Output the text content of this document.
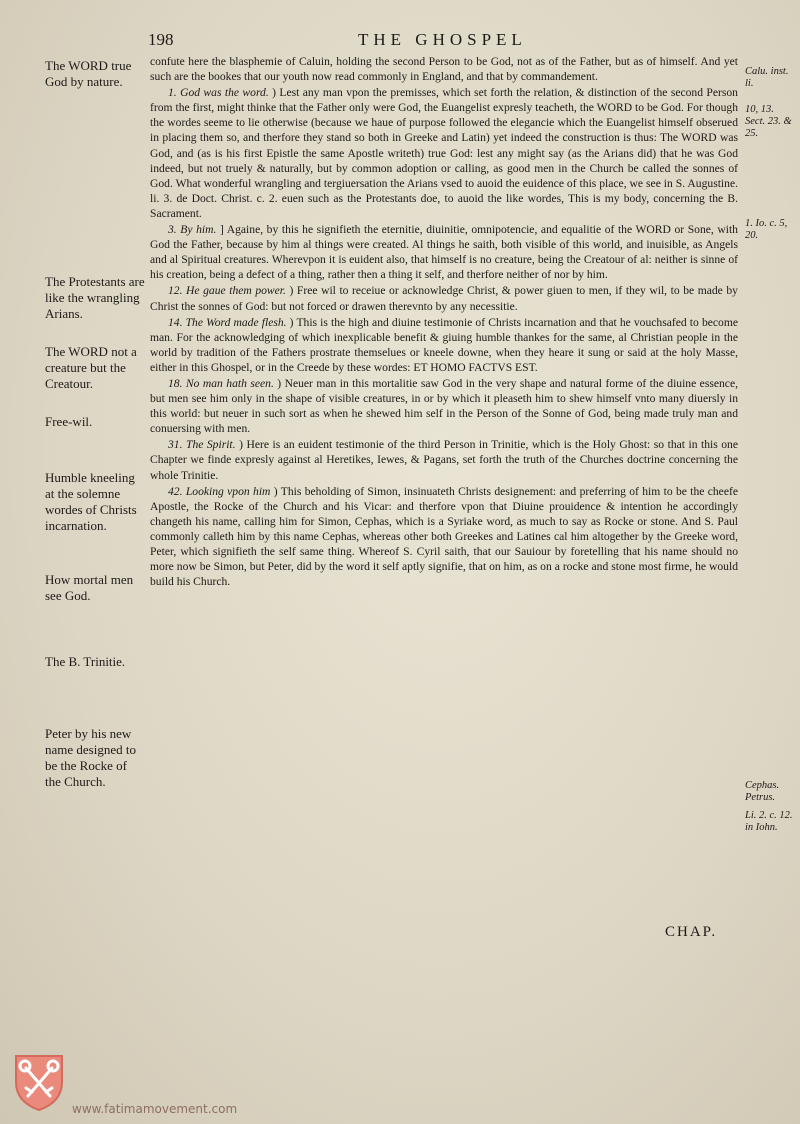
198	THE GHOSPEL
The WORD true God by nature.
The Protestants are like the wrangling Arians.
The WORD not a creature but the Creatour.
Free-wil.
Humble kneeling at the solemne wordes of Christs incarnation.
How mortal men see God.
The B. Trinitie.
Peter by his new name designed to be the Rocke of the Church.
Calu. inst. li.
10, 13. Sect. 23. & 25.
1. Io. c. 5, 20.
Cephas. Petrus.
Li. 2. c. 12. in Iohn.

confute here the blasphemie of Caluin, holding the second Person to be God, not as of the Father, but as of himself. And yet such are the bookes that our youth now read commonly in England, and that by commandement.

1. God was the word. ) Lest any man vpon the premisses, which set forth the relation, & distinction of the second Person from the first, might thinke that the Father only were God, the Euangelist expresly teacheth, the WORD to be God. For though the wordes seeme to lie otherwise (because we haue of purpose followed the elegancie which the Euangelist himself obserued in placing them so, and therfore they stand so both in Greeke and Latin) yet indeed the construction is thus: The WORD was God, and (as is his first Epistle the same Apostle writeth) true God: lest any might say (as the Arians did) that he was God indeed, but not truely & naturally, but by common adoption or calling, as good men in the Church be called the sonnes of God. What wonderful wrangling and tergiuersation the Arians vsed to auoid the euidence of this place, we see in S. Augustine. li. 3. de Doct. Christ. c. 2. euen such as the Protestants doe, to auoid the like wordes, This is my body, concerning the B. Sacrament.

3. By him. ] Againe, by this he signifieth the eternitie, diuinitie, omnipotencie, and equalitie of the WORD or Sone, with God the Father, because by him al things were created. Al things he saith, both visible of this world, and inuisible, as Angels and al Spiritual creatures. Wherevpon it is euident also, that himself is no creature, being the Creatour of al: neither is sinne of his creation, being a defect of a thing, rather then a thing it self, and therfore neither of nor by him.

12. He gaue them power. ) Free wil to receiue or acknowledge Christ, & power giuen to men, if they wil, to be made by Christ the sonnes of God: but not forced or drawen therevnto by any necessitie.

14. The Word made flesh. ) This is the high and diuine testimonie of Christs incarnation and that he vouchsafed to become man. For the acknowledging of which inexplicable benefit & giuing humble thankes for the same, al Christian people in the world by tradition of the Fathers prostrate themselues or kneele downe, when they heare it sung or said at the holy Masse, either in this Ghospel, or in the Creede by these wordes: ET HOMO FACTVS EST.

18. No man hath seen. ) Neuer man in this mortalitie saw God in the very shape and natural forme of the diuine essence, but men see him only in the shape of visible creatures, in or by which it pleaseth him to shew himself vnto many diuersly in this world: but neuer in such sort as when he shewed him self in the Person of the Sonne of God, being made truly man and conuersing with men.

31. The Spirit. ) Here is an euident testimonie of the third Person in Trinitie, which is the Holy Ghost: so that in this one Chapter we finde expresly against al Heretikes, Iewes, & Pagans, set forth the truth of the Churches doctrine concerning the whole Trinitie.

42. Looking vpon him ) This beholding of Simon, insinuateth Christs designement: and preferring of him to be the cheefe Apostle, the Rocke of the Church and his Vicar: and therfore vpon that Diuine prouidence & intention he accordingly changeth his name, calling him for Simon, Cephas, which is a Syriake word, as much to say as Rocke or stone. And S. Paul commonly calleth him by this name Cephas, whereas other both Greekes and Latines cal him altogether by the Greeke word, Peter, which signifieth the self same thing. Whereof S. Cyril saith, that our Sauiour by foretelling that his name should no more now be Simon, but Peter, did by the word it self aptly signifie, that on him, as on a rocke and stone most firme, he would build his Church.

CHAP.
www.fatimamovement.com
